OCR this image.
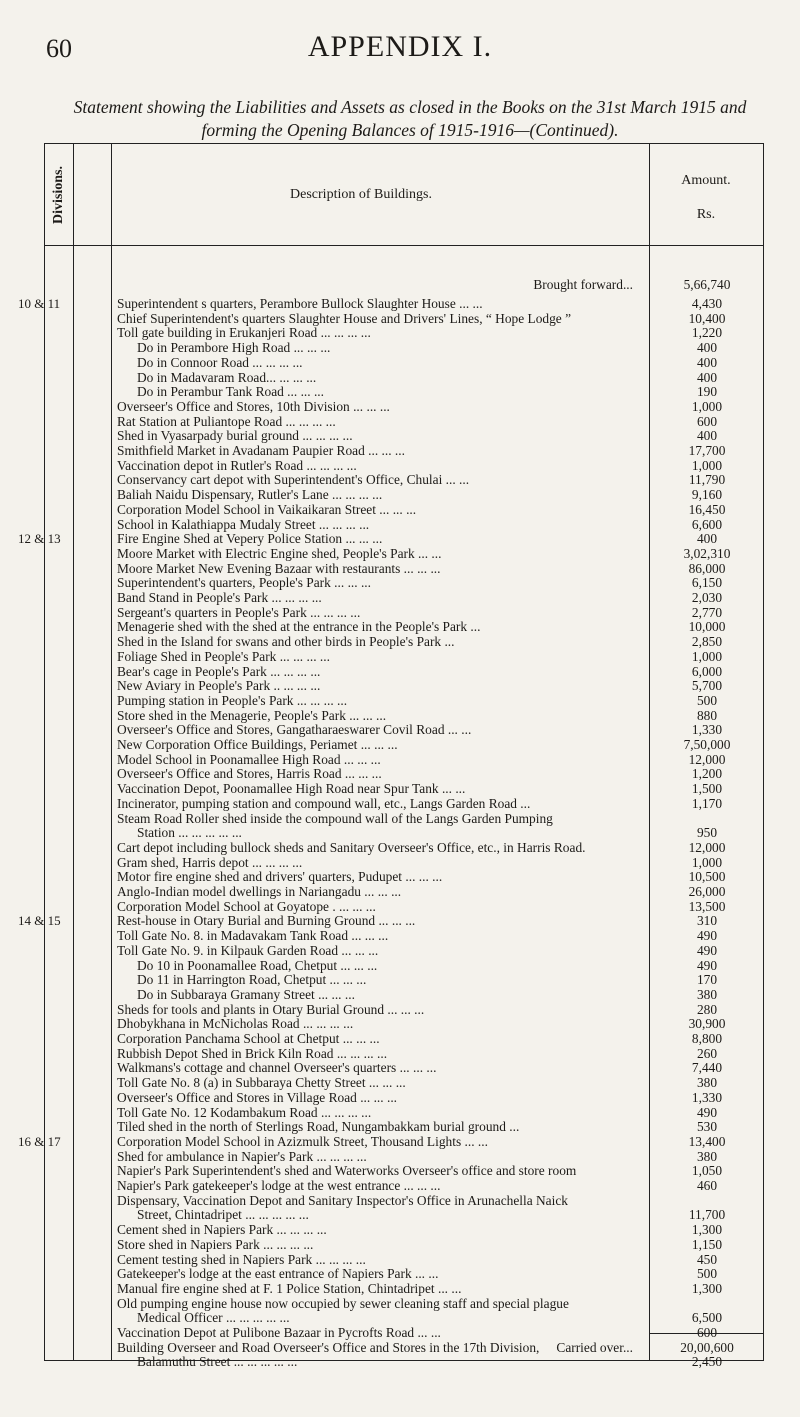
60	APPENDIX I.
Statement showing the Liabilities and Assets as closed in the Books on the 31st March 1915 and
forming the Opening Balances of 1915-1916—(Continued).
Divisions.	Description of Buildings.
Amount.
Rs.
Brought forward...	5,66,740
10 & 11	Superintendent s quarters, Perambore Bullock Slaughter House ... ...	4,430
Chief Superintendent's quarters Slaughter House and Drivers' Lines, “ Hope Lodge ”	10,400
Toll gate building in Erukanjeri Road ... ... ... ...	1,220
Do in Perambore High Road ... ... ...	400
Do in Connoor Road ... ... ... ...	400
Do in Madavaram Road... ... ... ...	400
Do in Perambur Tank Road ... ... ...	190
Overseer's Office and Stores, 10th Division ... ... ...	1,000
Rat Station at Puliantope Road ... ... ... ...	600
Shed in Vyasarpady burial ground ... ... ... ...	400
Smithfield Market in Avadanam Paupier Road ... ... ...	17,700
Vaccination depot in Rutler's Road ... ... ... ...	1,000
Conservancy cart depot with Superintendent's Office, Chulai ... ...	11,790
Baliah Naidu Dispensary, Rutler's Lane ... ... ... ...	9,160
Corporation Model School in Vaikaikaran Street ... ... ...	16,450
School in Kalathiappa Mudaly Street ... ... ... ...	6,600
12 & 13	Fire Engine Shed at Vepery Police Station ... ... ...	400
Moore Market with Electric Engine shed, People's Park ... ...	3,02,310
Moore Market New Evening Bazaar with restaurants ... ... ...	86,000
Superintendent's quarters, People's Park ... ... ...	6,150
Band Stand in People's Park ... ... ... ...	2,030
Sergeant's quarters in People's Park ... ... ... ...	2,770
Menagerie shed with the shed at the entrance in the People's Park ...	10,000
Shed in the Island for swans and other birds in People's Park ...	2,850
Foliage Shed in People's Park ... ... ... ...	1,000
Bear's cage in People's Park ... ... ... ...	6,000
New Aviary in People's Park .. ... ... ...	5,700
Pumping station in People's Park ... ... ... ...	500
Store shed in the Menagerie, People's Park ... ... ...	880
Overseer's Office and Stores, Gangatharaeswarer Covil Road ... ...	1,330
New Corporation Office Buildings, Periamet ... ... ...	7,50,000
Model School in Poonamallee High Road ... ... ...	12,000
Overseer's Office and Stores, Harris Road ... ... ...	1,200
Vaccination Depot, Poonamallee High Road near Spur Tank ... ...	1,500
Incinerator, pumping station and compound wall, etc., Langs Garden Road ...	1,170
Steam Road Roller shed inside the compound wall of the Langs Garden Pumping
Station ... ... ... ... ...	950
Cart depot including bullock sheds and Sanitary Overseer's Office, etc., in Harris Road.	12,000
Gram shed, Harris depot ... ... ... ...	1,000
Motor fire engine shed and drivers' quarters, Pudupet ... ... ...	10,500
Anglo-Indian model dwellings in Nariangadu ... ... ...	26,000
Corporation Model School at Goyatope . ... ... ...	13,500
14 & 15	Rest-house in Otary Burial and Burning Ground ... ... ...	310
Toll Gate No. 8. in Madavakam Tank Road ... ... ...	490
Toll Gate No. 9. in Kilpauk Garden Road ... ... ...	490
Do 10 in Poonamallee Road, Chetput ... ... ...	490
Do 11 in Harrington Road, Chetput ... ... ...	170
Do in Subbaraya Gramany Street ... ... ...	380
Sheds for tools and plants in Otary Burial Ground ... ... ...	280
Dhobykhana in McNicholas Road ... ... ... ...	30,900
Corporation Panchama School at Chetput ... ... ...	8,800
Rubbish Depot Shed in Brick Kiln Road ... ... ... ...	260
Walkmans's cottage and channel Overseer's quarters ... ... ...	7,440
Toll Gate No. 8 (a) in Subbaraya Chetty Street ... ... ...	380
Overseer's Office and Stores in Village Road ... ... ...	1,330
Toll Gate No. 12 Kodambakum Road ... ... ... ...	490
Tiled shed in the north of Sterlings Road, Nungambakkam burial ground ...	530
16 & 17	Corporation Model School in Azizmulk Street, Thousand Lights ... ...	13,400
Shed for ambulance in Napier's Park ... ... ... ...	380
Napier's Park Superintendent's shed and Waterworks Overseer's office and store room	1,050
Napier's Park gatekeeper's lodge at the west entrance ... ... ...	460
Dispensary, Vaccination Depot and Sanitary Inspector's Office in Arunachella Naick
Street, Chintadripet ... ... ... ... ...	11,700
Cement shed in Napiers Park ... ... ... ...	1,300
Store shed in Napiers Park ... ... ... ...	1,150
Cement testing shed in Napiers Park ... ... ... ...	450
Gatekeeper's lodge at the east entrance of Napiers Park ... ...	500
Manual fire engine shed at F. 1 Police Station, Chintadripet ... ...	1,300
Old pumping engine house now occupied by sewer cleaning staff and special plague
Medical Officer ... ... ... ... ...	6,500
Vaccination Depot at Pulibone Bazaar in Pycrofts Road ... ...	600
Building Overseer and Road Overseer's Office and Stores in the 17th Division,
Balamuthu Street ... ... ... ... ...	2,450
Carried over...	20,00,600
